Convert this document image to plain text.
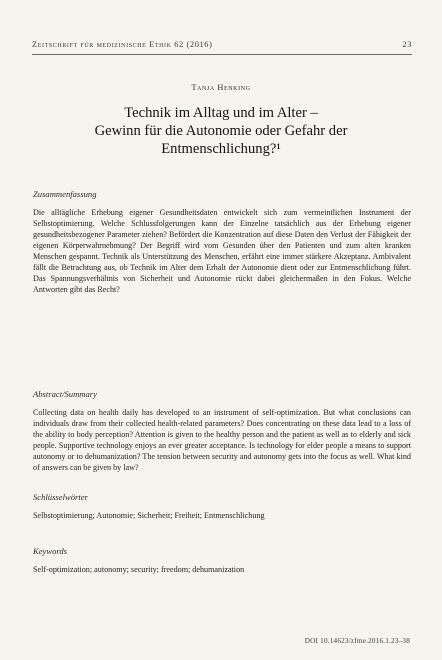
Zeitschrift für medizinische Ethik 62 (2016)	23
Tanja Henking
Technik im Alltag und im Alter –
Gewinn für die Autonomie oder Gefahr der
Entmenschlichung?¹
Zusammenfassung

Die alltägliche Erhebung eigener Gesundheitsdaten entwickelt sich zum vermeintlichen Instrument der Selbstoptimierung. Welche Schlussfolgerungen kann der Einzelne tatsächlich aus der Erhebung eigener gesundheitsbezogener Parameter ziehen? Befördert die Konzentration auf diese Daten den Verlust der Fähigkeit der eigenen Körperwahrnehmung? Der Begriff wird vom Gesunden über den Patienten und zum alten kranken Menschen gespannt. Technik als Unterstützung des Menschen, erfährt eine immer stärkere Akzeptanz. Ambivalent fällt die Betrachtung aus, ob Technik im Alter dem Erhalt der Autonomie dient oder zur Entmenschlichung führt. Das Spannungsverhältnis von Sicherheit und Autonomie rückt dabei gleichermaßen in den Fokus. Welche Antworten gibt das Recht?

Abstract/Summary

Collecting data on health daily has developed to an instrument of self-optimization. But what conclusions can individuals draw from their collected health-related parameters? Does concentrating on these data lead to a loss of the ability to body perception? Attention is given to the healthy person and the patient as well as to elderly and sick people. Supportive technology enjoys an ever greater acceptance. Is technology for elder people a means to support autonomy or to dehumanization? The tension between security and autonomy gets into the focus as well. What kind of answers can be given by law?

Schlüsselwörter
Selbstoptimierung; Autonomie; Sicherheit; Freiheit; Entmenschlichung
Keywords
Self-optimization; autonomy; security; freedom; dehumanization
DOI 10.14623/zfme.2016.1.23–38
